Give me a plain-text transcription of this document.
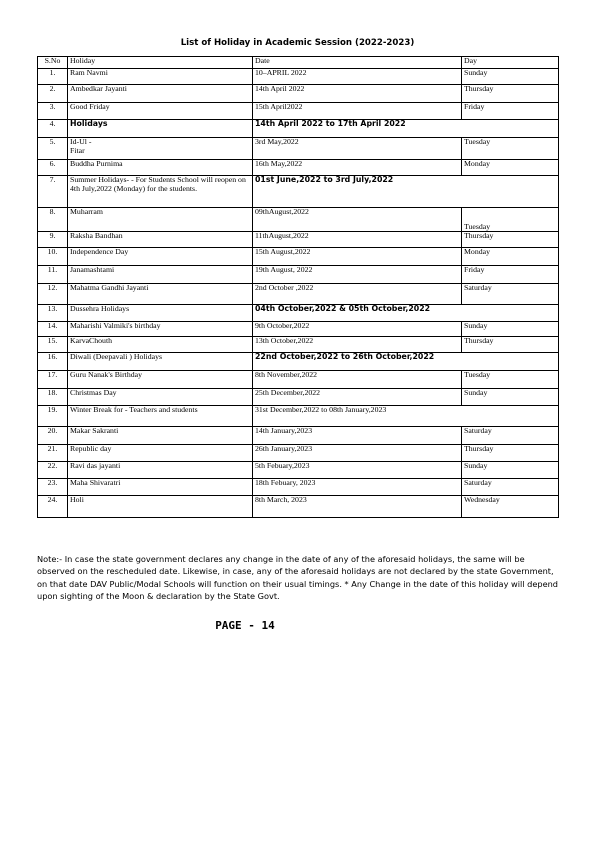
List of Holiday in Academic Session (2022-2023)
S.No	Holiday	Date	Day
1.	Ram Navmi	10–APRIL 2022	Sunday
2.	Ambedkar Jayanti	14th April 2022	Thursday
3.	Good Friday	15th April2022	Friday
4.	Holidays	14th April 2022 to 17th April 2022	
5.	Id-Ul - Fitar	3rd May,2022	Tuesday
6.	Buddha Purnima	16th May,2022	Monday
7.	Summer Holidays- - For Students School will reopen on 4th July,2022 (Monday) for the students.	01st June,2022 to 3rd July,2022	
8.	Muharram	09thAugust,2022	Tuesday
9.	Raksha Bandhan	11thAugust,2022	Thursday
10.	Independence Day	15th August,2022	Monday
11.	Janamashtami	19th August, 2022	Friday
12.	Mahatma Gandhi Jayanti	2nd October ,2022	Saturday
13.	Dussehra Holidays	04th October,2022 & 05th October,2022	
14.	Maharishi Valmiki's birthday	9th October,2022	Sunday
15.	KarvaChouth	13th October,2022	Thursday
16.	Diwali (Deepavali ) Holidays	22nd October,2022 to 26th October,2022	
17.	Guru Nanak's Birthday	8th November,2022	Tuesday
18.	Christmas Day	25th December,2022	Sunday
19.	Winter Break for - Teachers and students	31st December,2022 to 08th January,2023	
20.	Makar Sakranti	14th January,2023	Saturday
21.	Republic day	26th January,2023	Thursday
22.	Ravi das jayanti	5th Febuary,2023	Sunday
23.	Maha Shivaratri	18th Febuary, 2023	Saturday
24.	Holi	8th March, 2023	Wednesday
Note:- In case the state government declares any change in the date of any of the aforesaid holidays, the same will be observed on the rescheduled date. Likewise, in case, any of the aforesaid holidays are not declared by the state Government, on that date DAV Public/Modal Schools will function on their usual timings. * Any Change in the date of this holiday will depend upon sighting of the Moon & declaration by the State Govt.
PAGE - 14
